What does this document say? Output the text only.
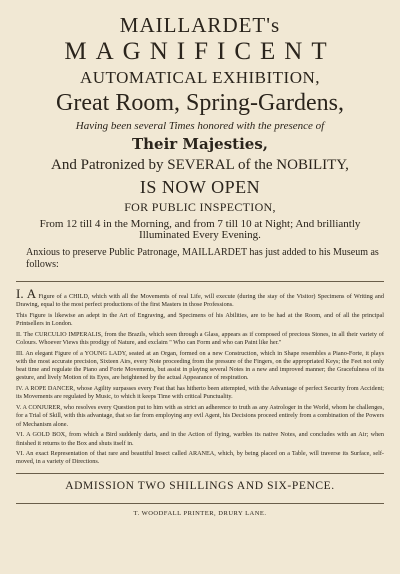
MAILLARDET's

MAGNIFICENT

AUTOMATICAL EXHIBITION,

Great Room, Spring-Gardens,

Having been several Times honored with the presence of

Their Majesties,

And Patronized by SEVERAL of the NOBILITY,

IS NOW OPEN

FOR PUBLIC INSPECTION,

From 12 till 4 in the Morning, and from 7 till 10 at Night; And brilliantly Illuminated Every Evening.

Anxious to preserve Public Patronage, MAILLARDET has just added to his Museum as follows:

I. A Figure of a CHILD, which with all the Movements of real Life, will execute (during the stay of the Visitor) Specimens of Writing and Drawing, equal to the most perfect productions of the first Masters in those Professions.

This Figure is likewise an adept in the Art of Engraving, and Specimens of his Abilities, are to be had at the Room, and of all the principal Printsellers in London.

II. The CURCULIO IMPERALIS, from the Brazils, which seen through a Glass, appears as if composed of precious Stones, in all their variety of Colours. Whoever Views this prodigy of Nature, and exclaim " Who can Form and who can Paint like her."

III. An elegant Figure of a YOUNG LADY, seated at an Organ, formed on a new Construction, which in Shape resembles a Piano-Forte, it plays with the most accurate precision, Sixteen Airs, every Note proceeding from the pressure of the Fingers, on the appropriated Keys; the Feet not only beat time and regulate the Piano and Forte Movements, but assist in playing several Notes in a new and improved manner; the Gracefulness of its gesture, and lively Motion of its Eyes, are heightened by the actual Appearance of respiration.

IV. A ROPE DANCER, whose Agility surpasses every Feat that has hitherto been attempted, with the Advantage of perfect Security from Accident; its Movements are regulated by Music, to which it keeps Time with critical Punctuality.

V. A CONJURER, who resolves every Question put to him with as strict an adherence to truth as any Astrologer in the World, whom he challenges, for a Trial of Skill, with this advantage, that so far from employing any evil Agent, his Decisions proceed entirely from a combination of the Powers of Mechanism alone.

VI. A GOLD BOX, from which a Bird suddenly darts, and in the Action of flying, warbles its native Notes, and concludes with an Air; when finished it returns to the Box and shuts itself in.

VI. An exact Representation of that rare and beautiful Insect called ARANEA, which, by being placed on a Table, will traverse its Surface, self-moved, in a variety of Directions.

ADMISSION TWO SHILLINGS AND SIX-PENCE.

T. WOODFALL PRINTER, DRURY LANE.
